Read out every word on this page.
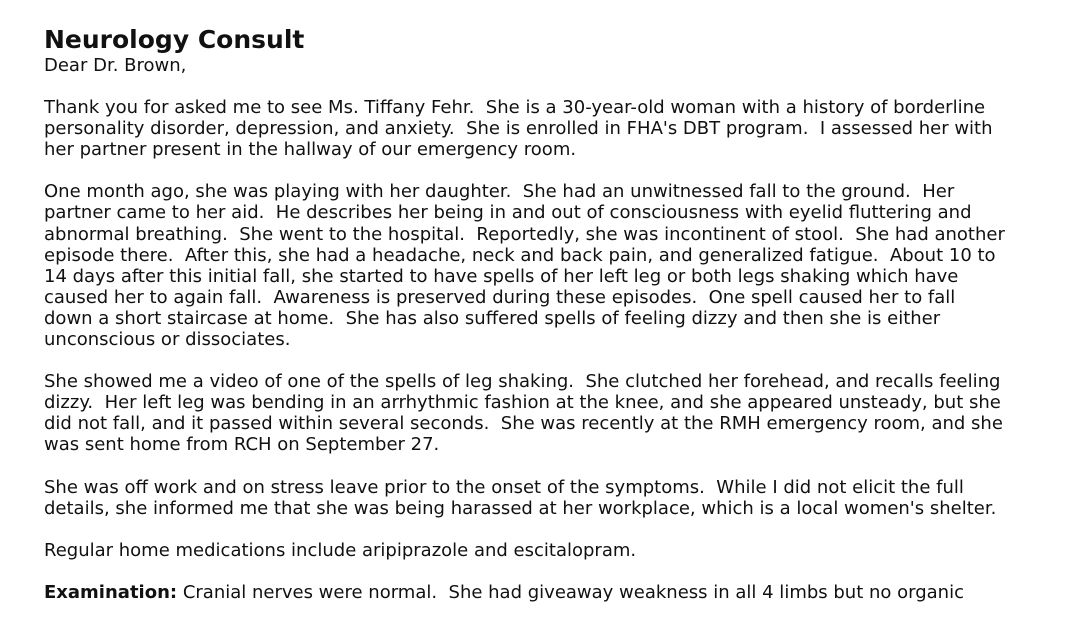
Neurology Consult
Dear Dr. Brown,
Thank you for asked me to see Ms. Tiffany Fehr.  She is a 30-year-old woman with a history of borderline
personality disorder, depression, and anxiety.  She is enrolled in FHA's DBT program.  I assessed her with
her partner present in the hallway of our emergency room.
One month ago, she was playing with her daughter.  She had an unwitnessed fall to the ground.  Her
partner came to her aid.  He describes her being in and out of consciousness with eyelid fluttering and
abnormal breathing.  She went to the hospital.  Reportedly, she was incontinent of stool.  She had another
episode there.  After this, she had a headache, neck and back pain, and generalized fatigue.  About 10 to
14 days after this initial fall, she started to have spells of her left leg or both legs shaking which have
caused her to again fall.  Awareness is preserved during these episodes.  One spell caused her to fall
down a short staircase at home.  She has also suffered spells of feeling dizzy and then she is either
unconscious or dissociates.
She showed me a video of one of the spells of leg shaking.  She clutched her forehead, and recalls feeling
dizzy.  Her left leg was bending in an arrhythmic fashion at the knee, and she appeared unsteady, but she
did not fall, and it passed within several seconds.  She was recently at the RMH emergency room, and she
was sent home from RCH on September 27.
She was off work and on stress leave prior to the onset of the symptoms.  While I did not elicit the full
details, she informed me that she was being harassed at her workplace, which is a local women's shelter.
Regular home medications include aripiprazole and escitalopram.
Examination: Cranial nerves were normal.  She had giveaway weakness in all 4 limbs but no organic
